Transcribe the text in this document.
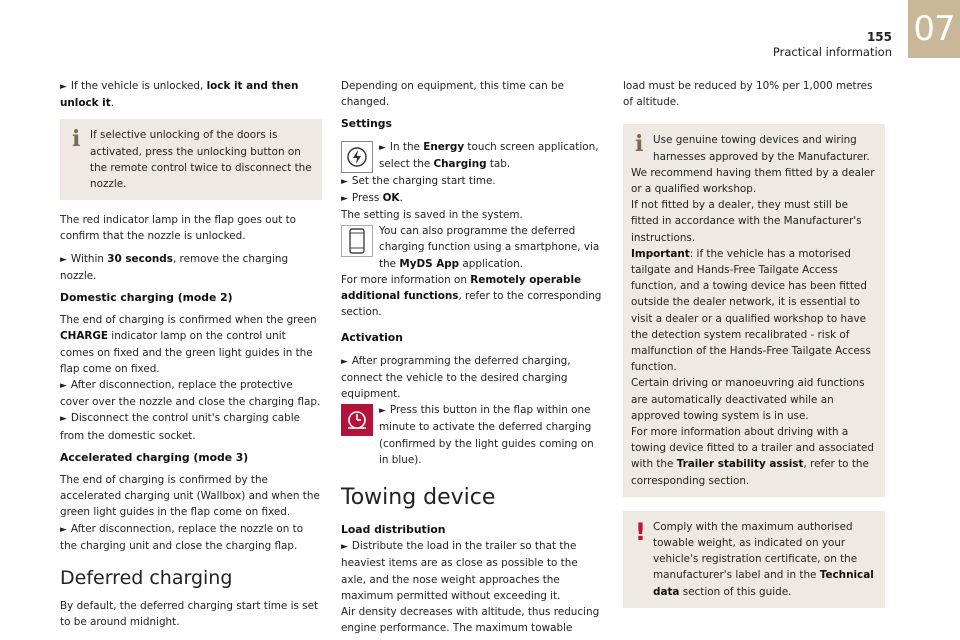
155
Practical information
07

► If the vehicle is unlocked, lock it and then unlock it.

i If selective unlocking of the doors is activated, press the unlocking button on the remote control twice to disconnect the nozzle.

The red indicator lamp in the flap goes out to confirm that the nozzle is unlocked.

► Within 30 seconds, remove the charging nozzle.

Domestic charging (mode 2)

The end of charging is confirmed when the green CHARGE indicator lamp on the control unit comes on fixed and the green light guides in the flap come on fixed.

► After disconnection, replace the protective cover over the nozzle and close the charging flap.
► Disconnect the control unit's charging cable from the domestic socket.

Accelerated charging (mode 3)

The end of charging is confirmed by the accelerated charging unit (Wallbox) and when the green light guides in the flap come on fixed.

► After disconnection, replace the nozzle on to the charging unit and close the charging flap.

Deferred charging

By default, the deferred charging start time is set to be around midnight.

Depending on equipment, this time can be changed.

Settings
► In the Energy touch screen application, select the Charging tab.
► Set the charging start time.
► Press OK.
The setting is saved in the system.
You can also programme the deferred charging function using a smartphone, via the MyDS App application.

For more information on Remotely operable additional functions, refer to the corresponding section.

Activation

► After programming the deferred charging, connect the vehicle to the desired charging equipment.

► Press this button in the flap within one minute to activate the deferred charging (confirmed by the light guides coming on in blue).
Towing device
Load distribution
► Distribute the load in the trailer so that the heaviest items are as close as possible to the axle, and the nose weight approaches the maximum permitted without exceeding it.
Air density decreases with altitude, thus reducing engine performance. The maximum towable

load must be reduced by 10% per 1,000 metres of altitude.

i Use genuine towing devices and wiring harnesses approved by the Manufacturer.
We recommend having them fitted by a dealer or a qualified workshop.
If not fitted by a dealer, they must still be fitted in accordance with the Manufacturer's instructions.
Important: if the vehicle has a motorised tailgate and Hands-Free Tailgate Access function, and a towing device has been fitted outside the dealer network, it is essential to visit a dealer or a qualified workshop to have the detection system recalibrated - risk of malfunction of the Hands-Free Tailgate Access function.
Certain driving or manoeuvring aid functions are automatically deactivated while an approved towing system is in use.
For more information about driving with a towing device fitted to a trailer and associated with the Trailer stability assist, refer to the corresponding section.
! Comply with the maximum authorised towable weight, as indicated on your vehicle's registration certificate, on the manufacturer's label and in the Technical data section of this guide.
